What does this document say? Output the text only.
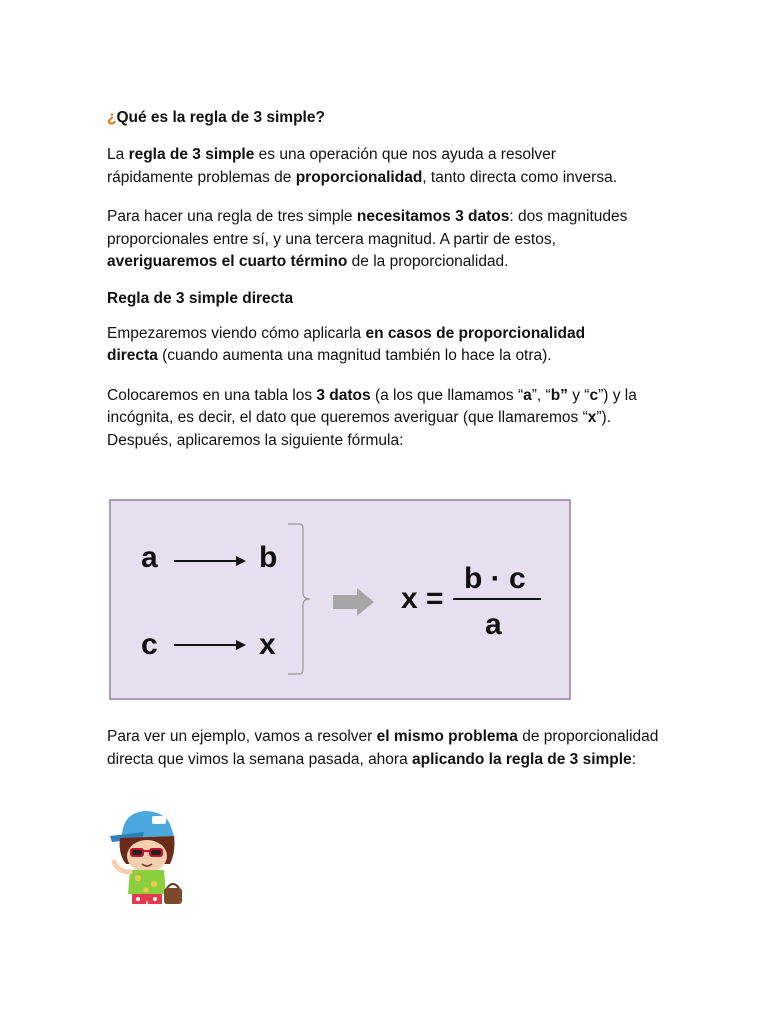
¿Qué es la regla de 3 simple?

La regla de 3 simple es una operación que nos ayuda a resolver rápidamente problemas de proporcionalidad, tanto directa como inversa.

Para hacer una regla de tres simple necesitamos 3 datos: dos magnitudes proporcionales entre sí, y una tercera magnitud. A partir de estos, averiguaremos el cuarto término de la proporcionalidad.

Regla de 3 simple directa

Empezaremos viendo cómo aplicarla en casos de proporcionalidad directa (cuando aumenta una magnitud también lo hace la otra).

Colocaremos en una tabla los 3 datos (a los que llamamos “a”, “b” y “c”) y la incógnita, es decir, el dato que queremos averiguar (que llamaremos “x”). Después, aplicaremos la siguiente fórmula:

a	b
c	x
x =
b · c
a

Para ver un ejemplo, vamos a resolver el mismo problema de proporcionalidad directa que vimos la semana pasada, ahora aplicando la regla de 3 simple:
